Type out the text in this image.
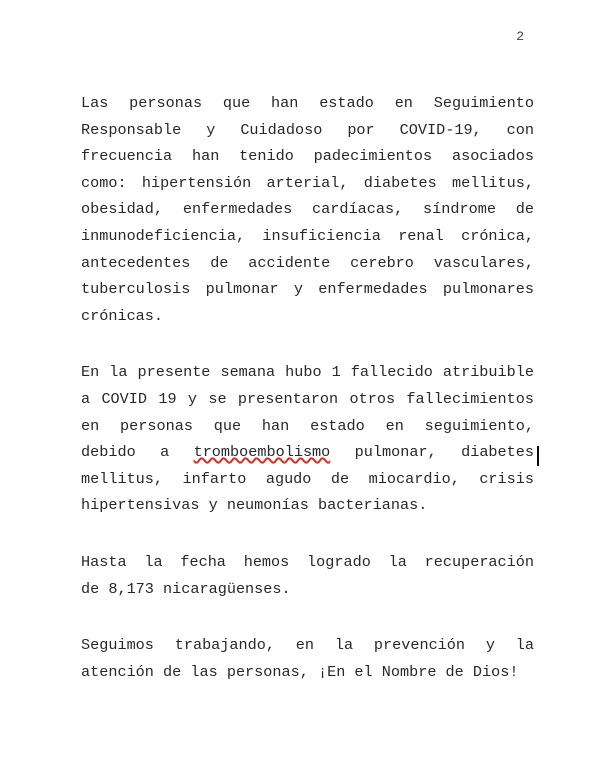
2
Las personas que han estado en Seguimiento
Responsable y Cuidadoso por COVID-19, con
frecuencia han tenido padecimientos asociados
como: hipertensión arterial, diabetes mellitus,
obesidad, enfermedades cardíacas, síndrome de
inmunodeficiencia, insuficiencia renal crónica,
antecedentes de accidente cerebro vasculares,
tuberculosis pulmonar y enfermedades pulmonares
crónicas.
En la presente semana hubo 1 fallecido atribuible
a COVID 19 y se presentaron otros fallecimientos
en personas que han estado en seguimiento,
debido a tromboembolismo pulmonar, diabetes
mellitus, infarto agudo de miocardio, crisis
hipertensivas y neumonías bacterianas.
Hasta la fecha hemos logrado la recuperación
de 8,173 nicaragüenses.
Seguimos trabajando, en la prevención y la
atención de las personas, ¡En el Nombre de Dios!
